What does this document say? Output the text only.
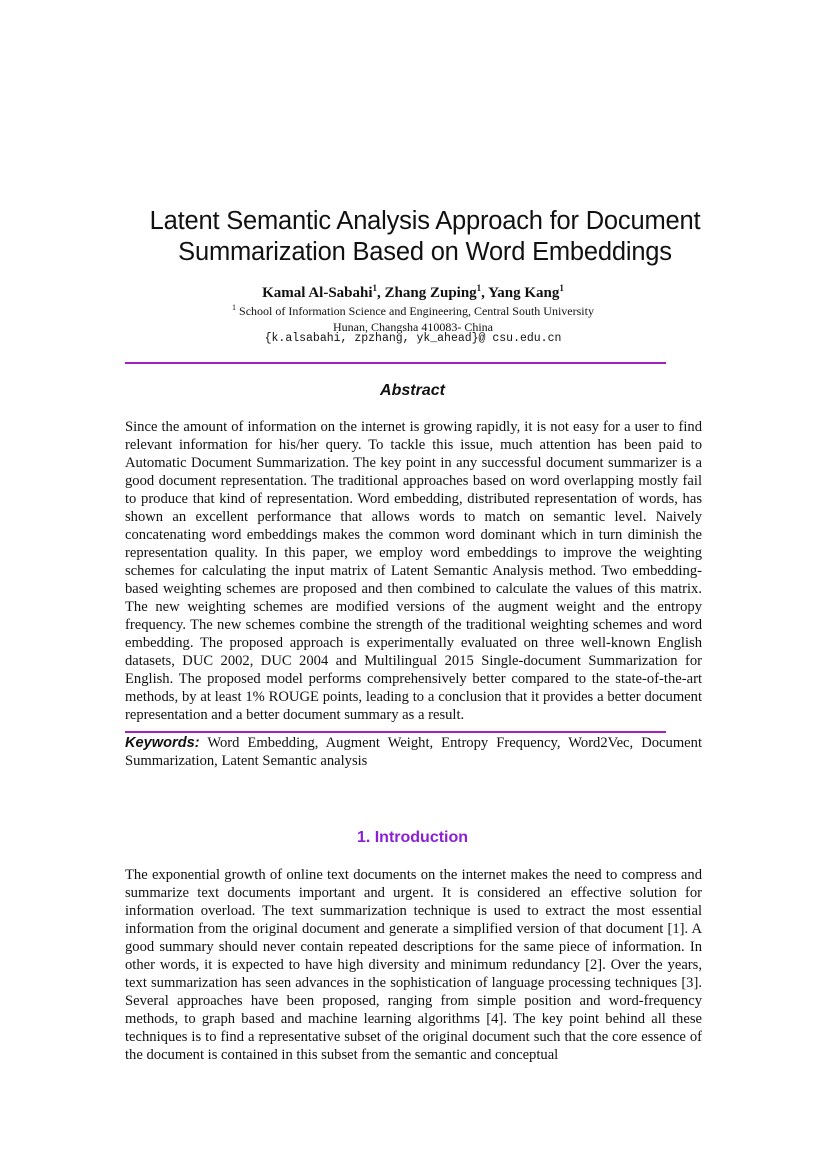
Latent Semantic Analysis Approach for Document Summarization Based on Word Embeddings
Kamal Al-Sabahi$^1$, Zhang Zuping$^1$, Yang Kang$^1$
$^1$ School of Information Science and Engineering, Central South University
Hunan, Changsha 410083- China
{k.alsabahi, zpzhang, yk_ahead}@ csu.edu.cn
Abstract
Since the amount of information on the internet is growing rapidly, it is not easy for a user to find relevant information for his/her query. To tackle this issue, much attention has been paid to Automatic Document Summarization. The key point in any successful document summarizer is a good document representation. The traditional approaches based on word overlapping mostly fail to produce that kind of representation. Word embedding, distributed representation of words, has shown an excellent performance that allows words to match on semantic level. Naively concatenating word embeddings makes the common word dominant which in turn diminish the representation quality. In this paper, we employ word embeddings to improve the weighting schemes for calculating the input matrix of Latent Semantic Analysis method. Two embedding-based weighting schemes are proposed and then combined to calculate the values of this matrix. The new weighting schemes are modified versions of the augment weight and the entropy frequency. The new schemes combine the strength of the traditional weighting schemes and word embedding. The proposed approach is experimentally evaluated on three well-known English datasets, DUC 2002, DUC 2004 and Multilingual 2015 Single-document Summarization for English. The proposed model performs comprehensively better compared to the state-of-the-art methods, by at least 1% ROUGE points, leading to a conclusion that it provides a better document representation and a better document summary as a result.
Keywords: Word Embedding, Augment Weight, Entropy Frequency, Word2Vec, Document Summarization, Latent Semantic analysis
1. Introduction
The exponential growth of online text documents on the internet makes the need to compress and summarize text documents important and urgent. It is considered an effective solution for information overload. The text summarization technique is used to extract the most essential information from the original document and generate a simplified version of that document [1]. A good summary should never contain repeated descriptions for the same piece of information. In other words, it is expected to have high diversity and minimum redundancy [2]. Over the years, text summarization has seen advances in the sophistication of language processing techniques [3]. Several approaches have been proposed, ranging from simple position and word-frequency methods, to graph based and machine learning algorithms [4]. The key point behind all these techniques is to find a representative subset of the original document such that the core essence of the document is contained in this subset from the semantic and conceptual
